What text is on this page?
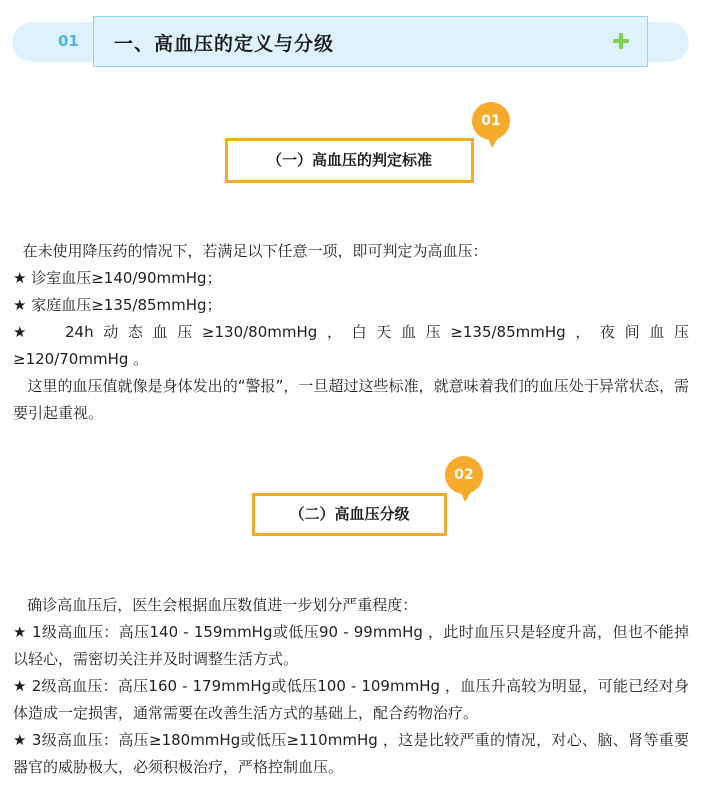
01 一、高血压的定义与分级
（一）高血压的判定标准
01

在未使用降压药的情况下，若满足以下任意一项，即可判定为高血压：

★ 诊室血压≥140/90mmHg；

★ 家庭血压≥135/85mmHg；

★  24h动态血压≥130/80mmHg，白天血压≥135/85mmHg，夜间血压

≥120/70mmHg 。

这里的血压值就像是身体发出的“警报”，一旦超过这些标准，就意味着我们的血压处于异常状态，需要引起重视。

（二）高血压分级
02

确诊高血压后，医生会根据血压数值进一步划分严重程度：

★ 1级高血压：高压140 - 159mmHg或低压90 - 99mmHg ，此时血压只是轻度升高，但也不能掉以轻心，需密切关注并及时调整生活方式。

★ 2级高血压：高压160 - 179mmHg或低压100 - 109mmHg ，血压升高较为明显，可能已经对身体造成一定损害，通常需要在改善生活方式的基础上，配合药物治疗。

★ 3级高血压：高压≥180mmHg或低压≥110mmHg ，这是比较严重的情况，对心、脑、肾等重要器官的威胁极大，必须积极治疗，严格控制血压。
